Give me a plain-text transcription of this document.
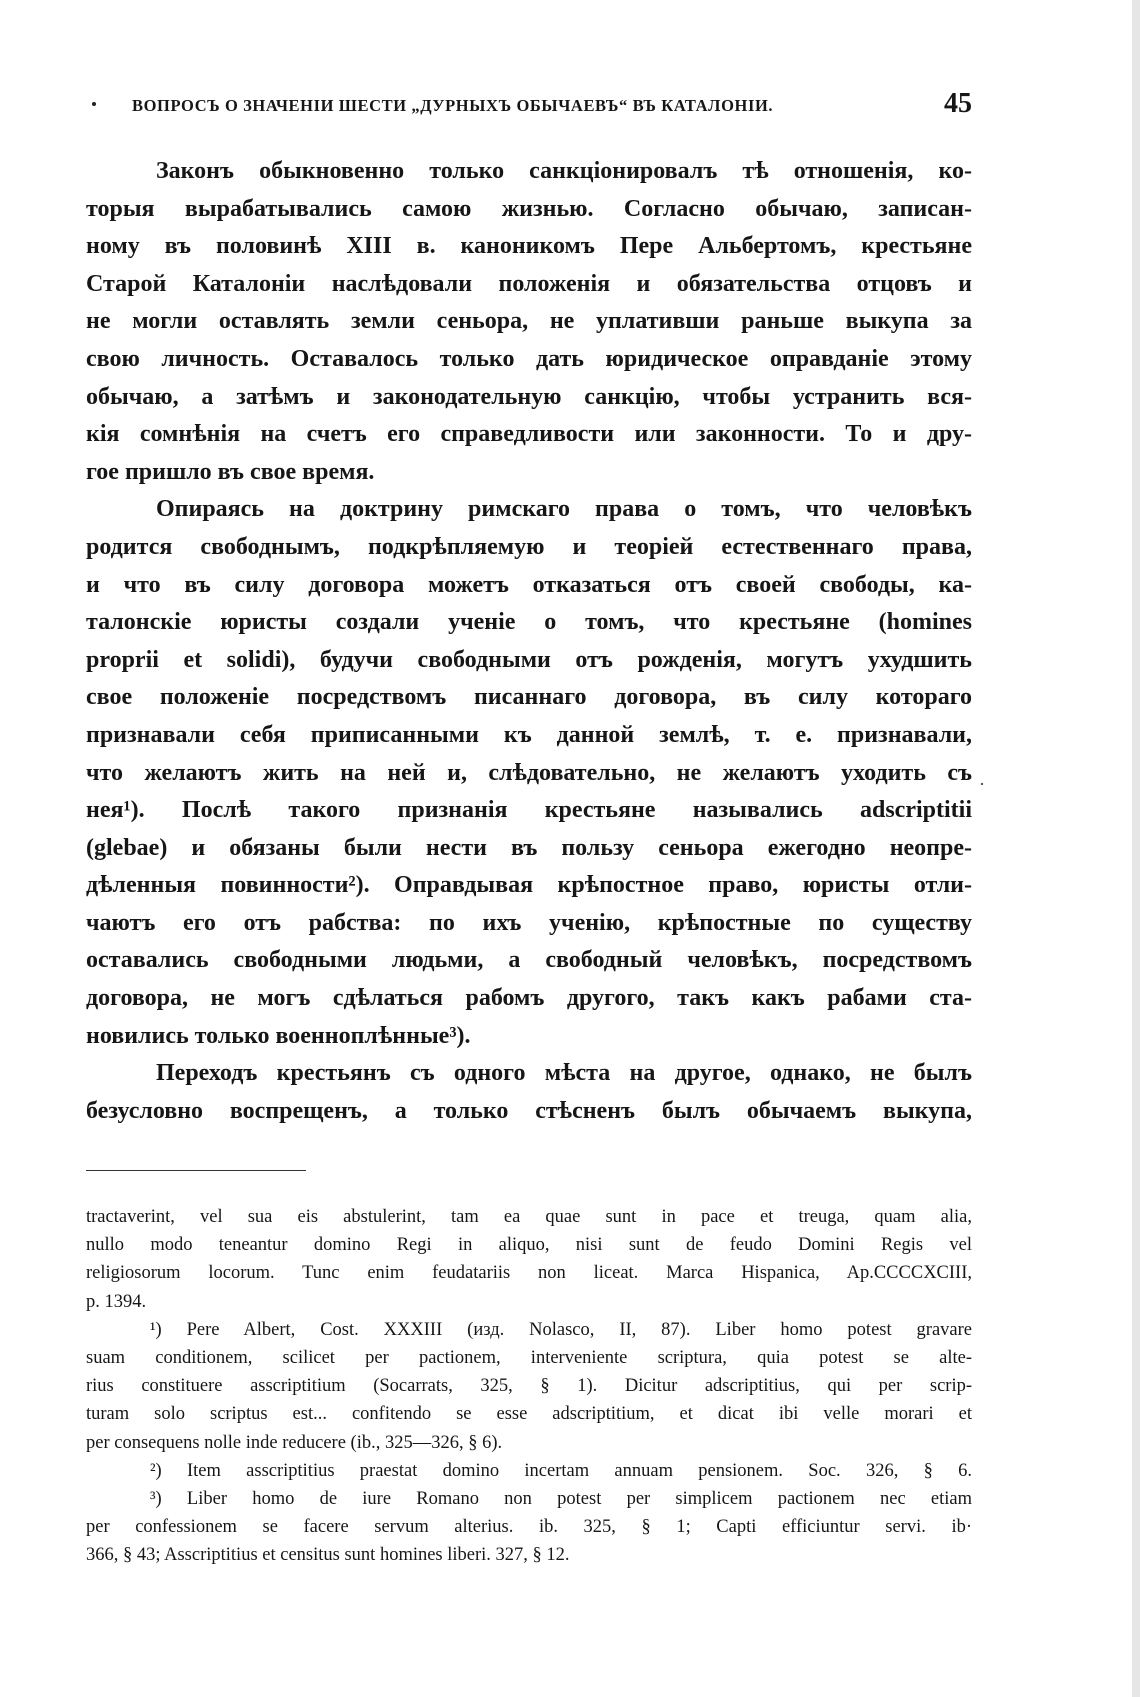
ВОПРОСЪ О ЗНАЧЕНІИ ШЕСТИ „ДУРНЫХЪ ОБЫЧАЕВЪ“ ВЪ КАТАЛОНІИ.	45
Законъ обыкновенно только санкціонировалъ тѣ отношенія, ко-
торыя вырабатывались самою жизнью. Согласно обычаю, записан-
ному въ половинѣ XIII в. каноникомъ Пере Альбертомъ, крестьяне
Старой Каталоніи наслѣдовали положенія и обязательства отцовъ и
не могли оставлять земли сеньора, не уплативши раньше выкупа за
свою личность. Оставалось только дать юридическое оправданіе этому
обычаю, а затѣмъ и законодательную санкцію, чтобы устранить вся-
кія сомнѣнія на счетъ его справедливости или законности. То и дру-
гое пришло въ свое время.
Опираясь на доктрину римскаго права о томъ, что человѣкъ
родится свободнымъ, подкрѣпляемую и теоріей естественнаго права,
и что въ силу договора можетъ отказаться отъ своей свободы, ка-
талонскіе юристы создали ученіе о томъ, что крестьяне (homines
proprii et solidi), будучи свободными отъ рожденія, могутъ ухудшить
свое положеніе посредствомъ писаннаго договора, въ силу котораго
признавали себя приписанными къ данной землѣ, т. е. признавали,
что желаютъ жить на ней и, слѣдовательно, не желаютъ уходить съ
нея¹). Послѣ такого признанія крестьяне назывались adscriptitii
(glebae) и обязаны были нести въ пользу сеньора ежегодно неопре-
дѣленныя повинности²). Оправдывая крѣпостное право, юристы отли-
чаютъ его отъ рабства: по ихъ ученію, крѣпостные по существу
оставались свободными людьми, а свободный человѣкъ, посредствомъ
договора, не могъ сдѣлаться рабомъ другого, такъ какъ рабами ста-
новились только военноплѣнные³).
Переходъ крестьянъ съ одного мѣста на другое, однако, не былъ
безусловно воспрещенъ, а только стѣсненъ былъ обычаемъ выкупа,
·
tractaverint, vel sua eis abstulerint, tam ea quae sunt in pace et treuga, quam alia,
nullo modo teneantur domino Regi in aliquo, nisi sunt de feudo Domini Regis vel
religiosorum locorum. Tunc enim feudatariis non liceat. Marca Hispanica, Ap.CCCCXCIII,
p. 1394.
¹) Pere Albert, Cost. XXXIII (изд. Nolasco, II, 87). Liber homo potest gravare
suam conditionem, scilicet per pactionem, interveniente scriptura, quia potest se alte-
rius constituere asscriptitium (Socarrats, 325, § 1). Dicitur adscriptitius, qui per scrip-
turam solo scriptus est... confitendo se esse adscriptitium, et dicat ibi velle morari et
per consequens nolle inde reducere (ib., 325—326, § 6).
²) Item asscriptitius praestat domino incertam annuam pensionem. Soc. 326, § 6.
³) Liber homo de iure Romano non potest per simplicem pactionem nec etiam
per confessionem se facere servum alterius. ib. 325, § 1; Capti efficiuntur servi. ib·
366, § 43; Asscriptitius et censitus sunt homines liberi. 327, § 12.
